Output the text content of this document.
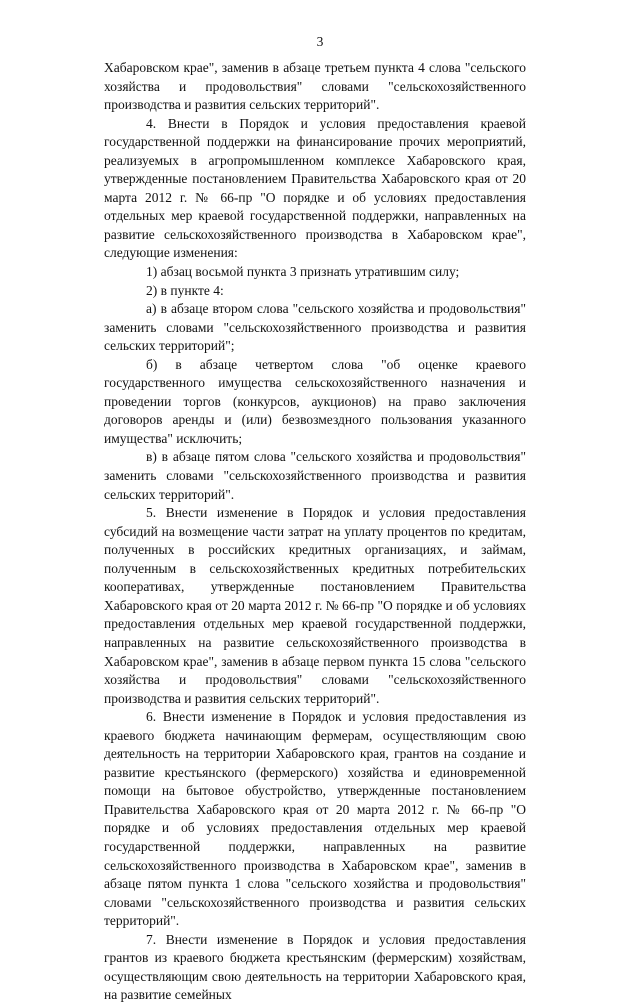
3

Хабаровском крае", заменив в абзаце третьем пункта 4 слова "сельского хозяйства и продовольствия" словами "сельскохозяйственного производства и развития сельских территорий".

4. Внести в Порядок и условия предоставления краевой государственной поддержки на финансирование прочих мероприятий, реализуемых в агропромышленном комплексе Хабаровского края, утвержденные постановлением Правительства Хабаровского края от 20 марта 2012 г. № 66-пр "О порядке и об условиях предоставления отдельных мер краевой государственной поддержки, направленных на развитие сельскохозяйственного производства в Хабаровском крае", следующие изменения:

1) абзац восьмой пункта 3 признать утратившим силу;

2) в пункте 4:

а) в абзаце втором слова "сельского хозяйства и продовольствия" заменить словами "сельскохозяйственного производства и развития сельских территорий";

б) в абзаце четвертом слова "об оценке краевого государственного имущества сельскохозяйственного назначения и проведении торгов (конкурсов, аукционов) на право заключения договоров аренды и (или) безвозмездного пользования указанного имущества" исключить;

в) в абзаце пятом слова "сельского хозяйства и продовольствия" заменить словами "сельскохозяйственного производства и развития сельских территорий".

5. Внести изменение в Порядок и условия предоставления субсидий на возмещение части затрат на уплату процентов по кредитам, полученных в российских кредитных организациях, и займам, полученным в сельскохозяйственных кредитных потребительских кооперативах, утвержденные постановлением Правительства Хабаровского края от 20 марта 2012 г. № 66-пр "О порядке и об условиях предоставления отдельных мер краевой государственной поддержки, направленных на развитие сельскохозяйственного производства в Хабаровском крае", заменив в абзаце первом пункта 15 слова "сельского хозяйства и продовольствия" словами "сельскохозяйственного производства и развития сельских территорий".

6. Внести изменение в Порядок и условия предоставления из краевого бюджета начинающим фермерам, осуществляющим свою деятельность на территории Хабаровского края, грантов на создание и развитие крестьянского (фермерского) хозяйства и единовременной помощи на бытовое обустройство, утвержденные постановлением Правительства Хабаровского края от 20 марта 2012 г. № 66-пр "О порядке и об условиях предоставления отдельных мер краевой государственной поддержки, направленных на развитие сельскохозяйственного производства в Хабаровском крае", заменив в абзаце пятом пункта 1 слова "сельского хозяйства и продовольствия" словами "сельскохозяйственного производства и развития сельских территорий".

7. Внести изменение в Порядок и условия предоставления грантов из краевого бюджета крестьянским (фермерским) хозяйствам, осуществляющим свою деятельность на территории Хабаровского края, на развитие семейных
